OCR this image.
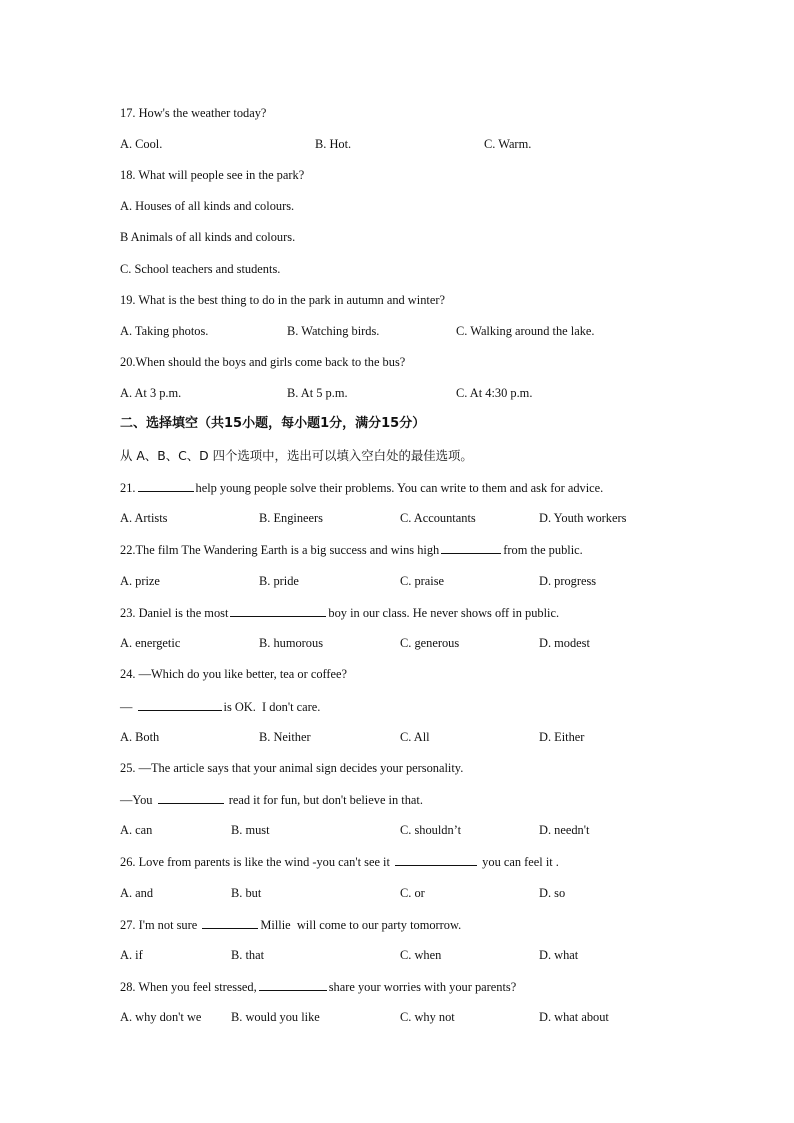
17. How's the weather today?
A. Cool.	B. Hot.	C. Warm.
18. What will people see in the park?
A. Houses of all kinds and colours.
B Animals of all kinds and colours.
C. School teachers and students.
19. What is the best thing to do in the park in autumn and winter?
A. Taking photos.	B. Watching birds.	C. Walking around the lake.
20.When should the boys and girls come back to the bus?
A. At 3 p.m.	B. At 5 p.m.	C. At 4:30 p.m.
二、选择填空（共15小题，每小题1分，满分15分）
从 A、B、C、D 四个选项中，选出可以填入空白处的最佳选项。
21.	help young people solve their problems. You can write to them and ask for advice.
A. Artists	B. Engineers	C. Accountants	D. Youth workers
22.The film The Wandering Earth is a big success and wins high	from the public.
A. prize	B. pride	C. praise	D. progress
23. Daniel is the most	boy in our class. He never shows off in public.
A. energetic	B. humorous	C. generous	D. modest
24. —Which do you like better, tea or coffee?
—	is OK.  I don't care.
A. Both	B. Neither	C. All	D. Either
25. —The article says that your animal sign decides your personality.
—You	read it for fun, but don't believe in that.
A. can	B. must	C. shouldn’t	D. needn't
26. Love from parents is like the wind -you can't see it	you can feel it .
A. and	B. but	C. or	D. so
27. I'm not sure	Millie  will come to our party tomorrow.
A. if	B. that	C. when	D. what
28. When you feel stressed,	share your worries with your parents?
A. why don't we B. would you like	C. why not	D. what about
